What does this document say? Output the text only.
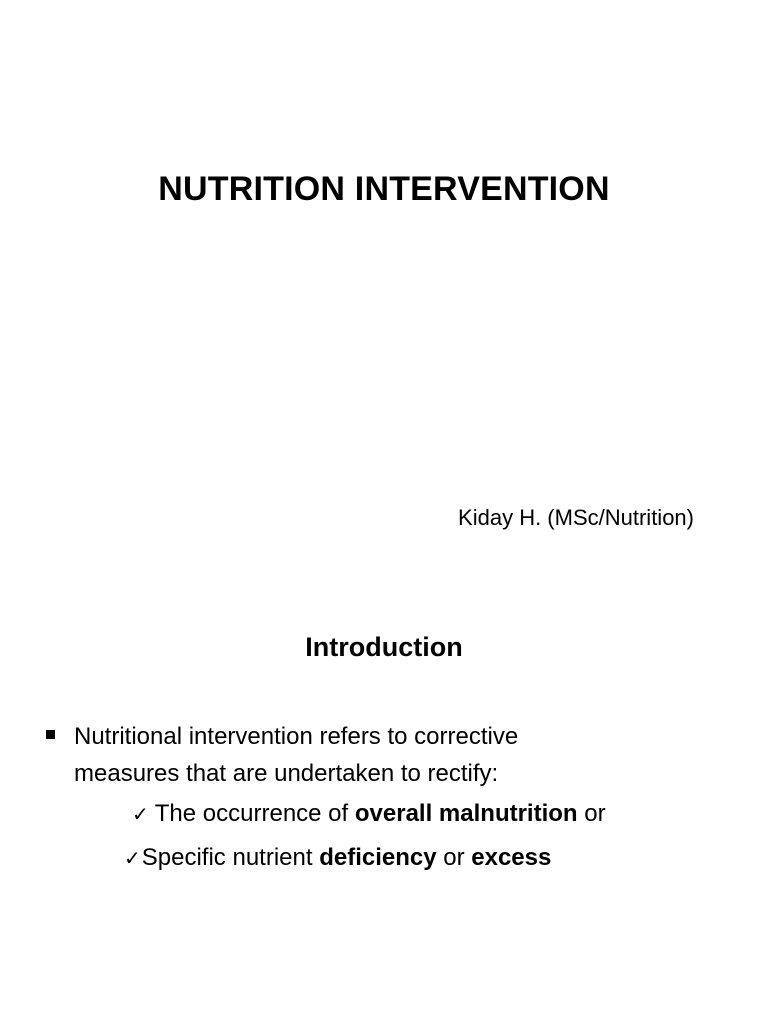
NUTRITION INTERVENTION
Kiday H. (MSc/Nutrition)
Introduction
Nutritional intervention refers to corrective
measures that are undertaken to rectify:
✓ The occurrence of overall malnutrition or
✓Specific nutrient deficiency or excess
